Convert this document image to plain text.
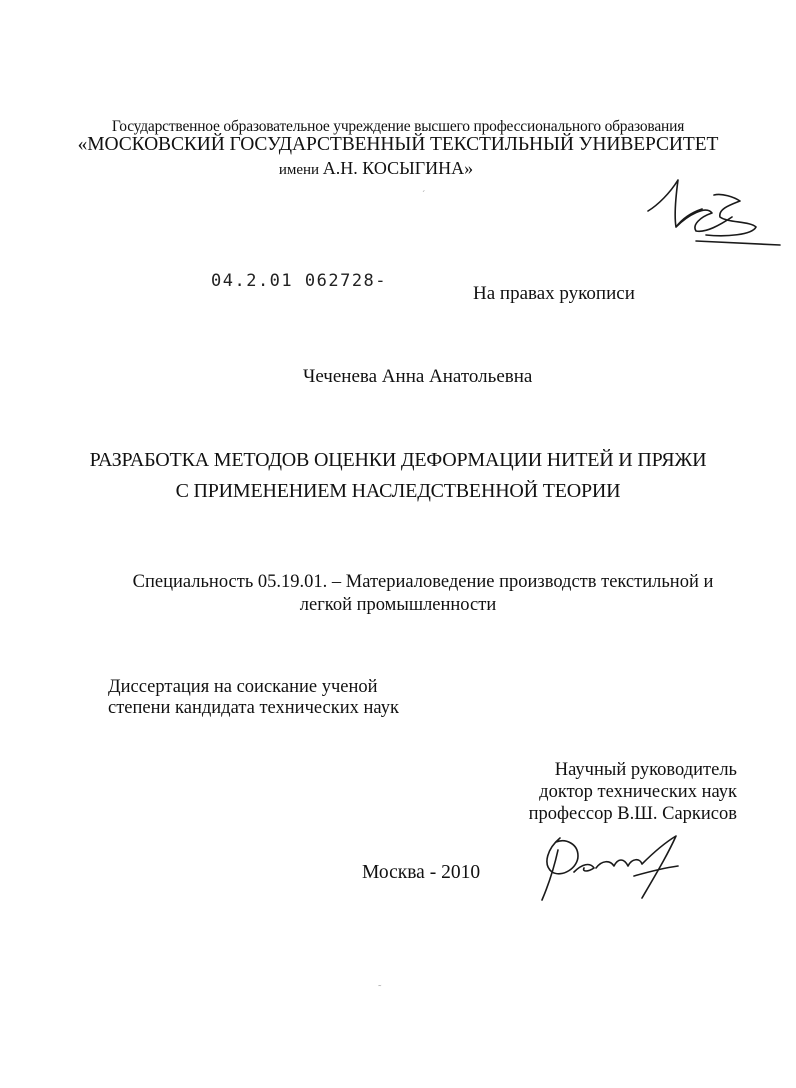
Государственное образовательное учреждение высшего профессионального образования
«МОСКОВСКИЙ ГОСУДАРСТВЕННЫЙ ТЕКСТИЛЬНЫЙ УНИВЕРСИТЕТ
имени А.Н. КОСЫГИНА»
´
04.2.01 062728-
На правах рукописи
Чеченева Анна Анатольевна
РАЗРАБОТКА МЕТОДОВ ОЦЕНКИ ДЕФОРМАЦИИ НИТЕЙ И ПРЯЖИ
С ПРИМЕНЕНИЕМ НАСЛЕДСТВЕННОЙ ТЕОРИИ
Специальность 05.19.01. – Материаловедение производств текстильной и
легкой промышленности
Диссертация на соискание ученой
степени кандидата технических наук
Научный руководитель
доктор технических наук
профессор В.Ш. Саркисов
Москва - 2010
˜
